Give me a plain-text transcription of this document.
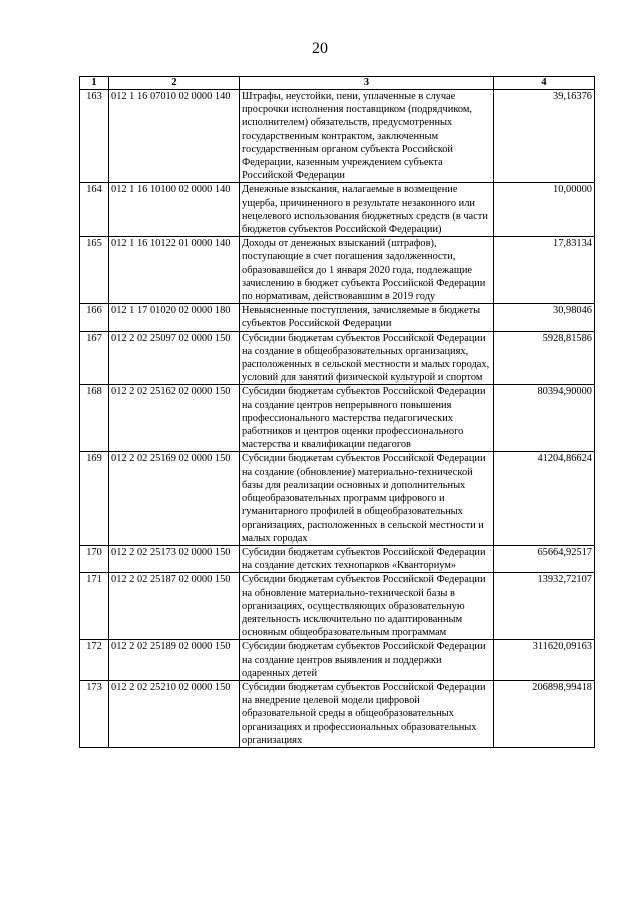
20
1	2	3	4
163	012 1 16 07010 02 0000 140	Штрафы, неустойки, пени, уплаченные в случае просрочки исполнения поставщиком (подрядчиком, исполнителем) обязательств, предусмотренных государственным контрактом, заключенным государственным органом субъекта Российской Федерации, казенным учреждением субъекта Российской Федерации	39,16376
164	012 1 16 10100 02 0000 140	Денежные взыскания, налагаемые в возмещение ущерба, причиненного в результате незаконного или нецелевого использования бюджетных средств (в части бюджетов субъектов Российской Федерации)	10,00000
165	012 1 16 10122 01 0000 140	Доходы от денежных взысканий (штрафов), поступающие в счет погашения задолженности, образовавшейся до 1 января 2020 года, подлежащие зачислению в бюджет субъекта Российской Федерации по нормативам, действовавшим в 2019 году	17,83134
166	012 1 17 01020 02 0000 180	Невыясненные поступления, зачисляемые в бюджеты субъектов Российской Федерации	30,98046
167	012 2 02 25097 02 0000 150	Субсидии бюджетам субъектов Российской Федерации на создание в общеобразовательных организациях, расположенных в сельской местности и малых городах, условий для занятий физической культурой и спортом	5928,81586
168	012 2 02 25162 02 0000 150	Субсидии бюджетам субъектов Российской Федерации на создание центров непрерывного повышения профессионального мастерства педагогических работников и центров оценки профессионального мастерства и квалификации педагогов	80394,90000
169	012 2 02 25169 02 0000 150	Субсидии бюджетам субъектов Российской Федерации на создание (обновление) материально-технической базы для реализации основных и дополнительных общеобразовательных программ цифрового и гуманитарного профилей в общеобразовательных организациях, расположенных в сельской местности и малых городах	41204,86624
170	012 2 02 25173 02 0000 150	Субсидии бюджетам субъектов Российской Федерации на создание детских технопарков «Кванториум»	65664,92517
171	012 2 02 25187 02 0000 150	Субсидии бюджетам субъектов Российской Федерации на обновление материально-технической базы в организациях, осуществляющих образовательную деятельность исключительно по адаптированным основным общеобразовательным программам	13932,72107
172	012 2 02 25189 02 0000 150	Субсидии бюджетам субъектов Российской Федерации на создание центров выявления и поддержки одаренных детей	311620,09163
173	012 2 02 25210 02 0000 150	Субсидии бюджетам субъектов Российской Федерации на внедрение целевой модели цифровой образовательной среды в общеобразовательных организациях и профессиональных образовательных организациях	206898,99418
